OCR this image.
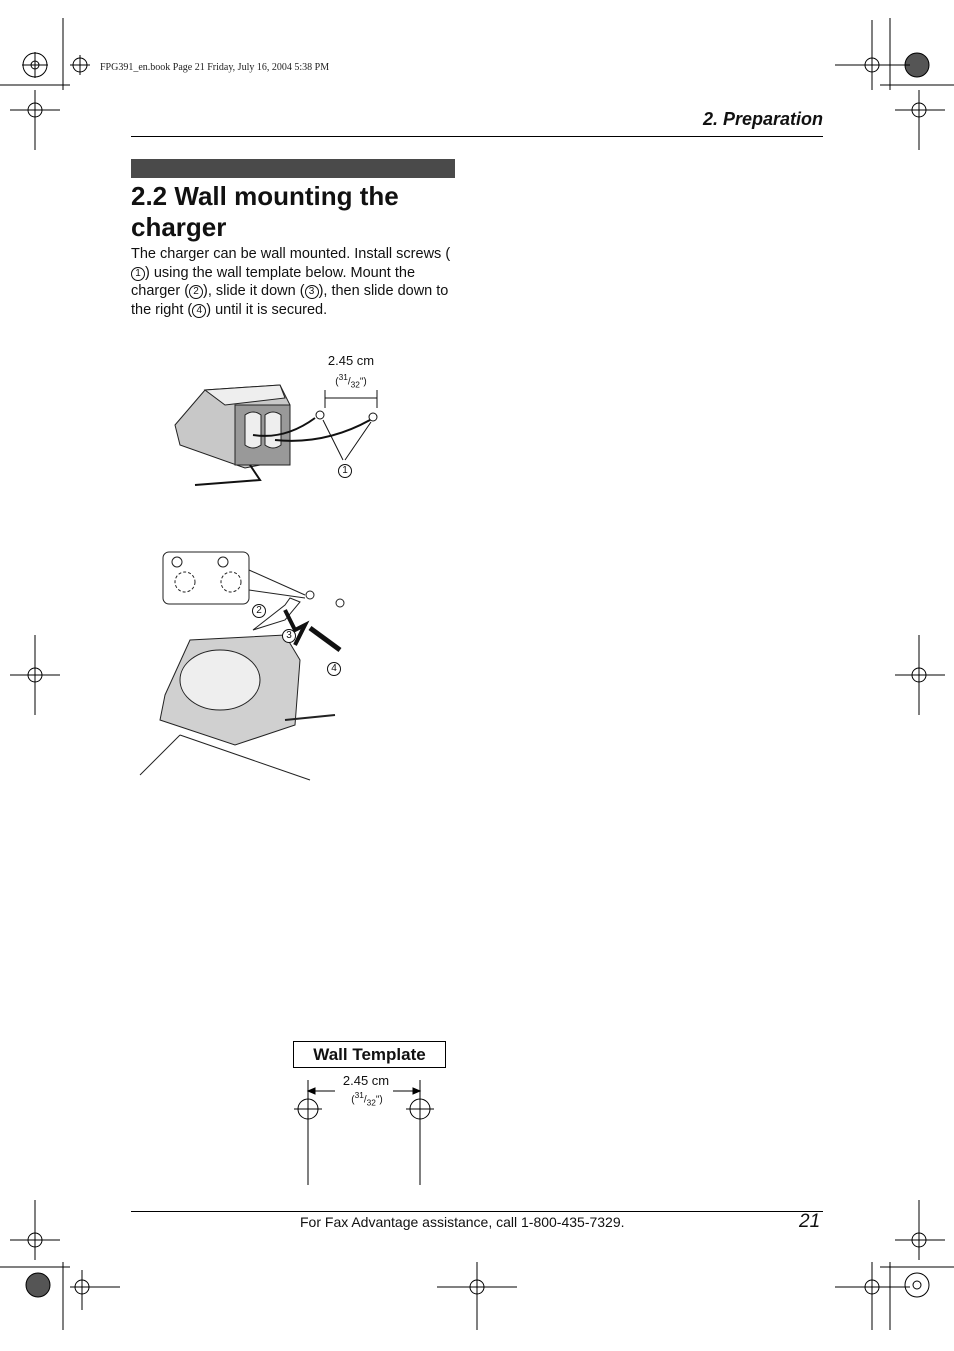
FPG391_en.book Page 21 Friday, July 16, 2004 5:38 PM
2. Preparation
2.2 Wall mounting the
charger

The charger can be wall mounted. Install screws (1 ) using the wall template below. Mount the charger ( 2 ), slide it down ( 3 ), then slide down to the right ( 4 ) until it is secured.

2.45 cm
$(^{31}/_{32}")$
1
2
3
4
Wall Template
2.45 cm
$(^{31}/_{32}")$
For Fax Advantage assistance, call 1-800-435-7329.	21
